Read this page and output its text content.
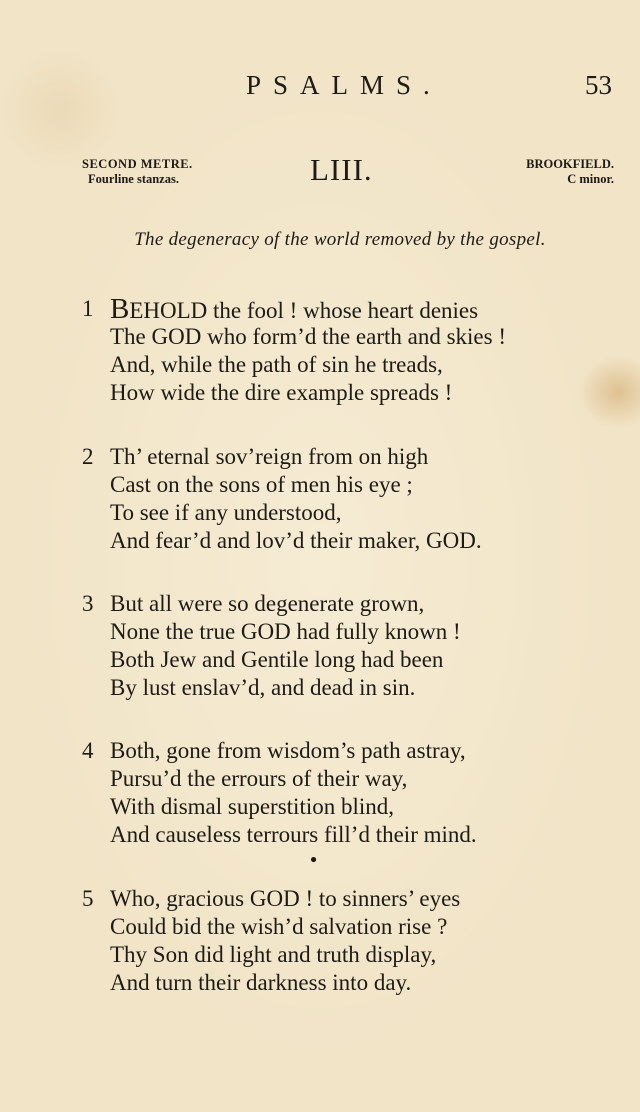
PSALMS.	53
SECOND METRE.
Fourline stanzas.	LIII.	BROOKFIELD.
C minor.
The degeneracy of the world removed by the gospel.
1 BEHOLD the fool ! whose heart denies
The GOD who form’d the earth and skies !
And, while the path of sin he treads,
How wide the dire example spreads !
2 Th’ eternal sov’reign from on high
Cast on the sons of men his eye ;
To see if any understood,
And fear’d and lov’d their maker, GOD.
3 But all were so degenerate grown,
None the true GOD had fully known !
Both Jew and Gentile long had been
By lust enslav’d, and dead in sin.
4 Both, gone from wisdom’s path astray,
Pursu’d the errours of their way,
With dismal superstition blind,
And causeless terrours fill’d their mind.
●
5 Who, gracious GOD ! to sinners’ eyes
Could bid the wish’d salvation rise ?
Thy Son did light and truth display,
And turn their darkness into day.
